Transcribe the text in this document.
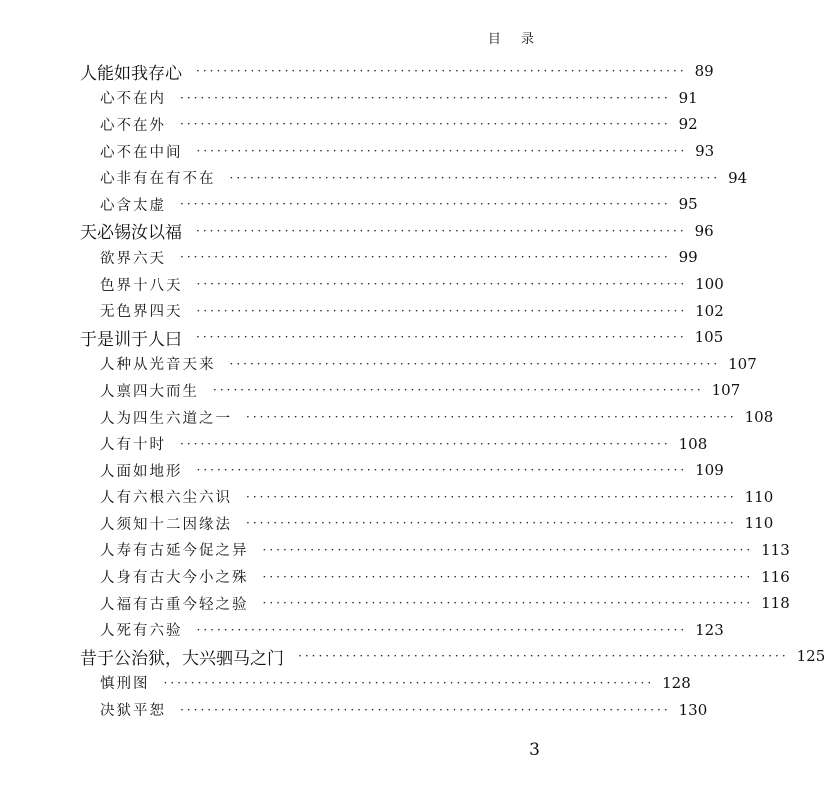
目 录
人能如我存心 ········································································ 89
心不在内 ········································································ 91
心不在外 ········································································ 92
心不在中间 ········································································ 93
心非有在有不在 ········································································ 94
心含太虚 ········································································ 95
天必锡汝以福 ········································································ 96
欲界六天 ········································································ 99
色界十八天 ········································································ 100
无色界四天 ········································································ 102
于是训于人曰 ········································································ 105
人种从光音天来 ········································································ 107
人禀四大而生 ········································································ 107
人为四生六道之一 ········································································ 108
人有十时 ········································································ 108
人面如地形 ········································································ 109
人有六根六尘六识 ········································································ 110
人须知十二因缘法 ········································································ 110
人寿有古延今促之异 ········································································ 113
人身有古大今小之殊 ········································································ 116
人福有古重今轻之验 ········································································ 118
人死有六验 ········································································ 123
昔于公治狱，大兴驷马之门 ········································································ 125
慎刑图 ········································································ 128
决狱平恕 ········································································ 130
3
